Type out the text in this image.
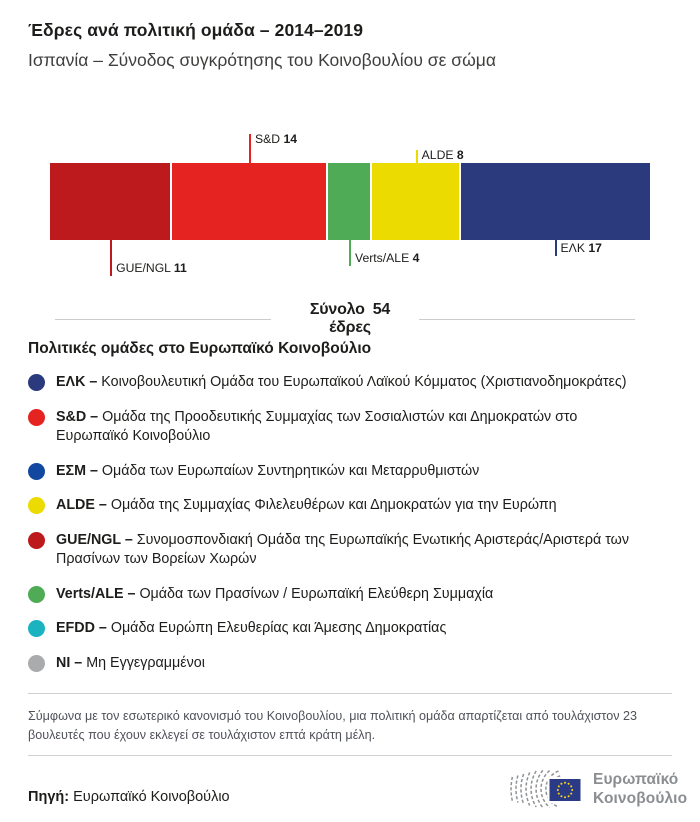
Έδρες ανά πολιτική ομάδα – 2014–2019
Ισπανία – Σύνοδος συγκρότησης του Κοινοβουλίου σε σώμα
GUE/NGL 11
S&D 14
Verts/ALE 4
ALDE 8
ΕΛΚ 17
Σύνολο 54
έδρες
Πολιτικές ομάδες στο Ευρωπαϊκό Κοινοβούλιο
ΕΛΚ – Κοινοβουλευτική Ομάδα του Ευρωπαϊκού Λαϊκού Κόμματος (Χριστιανοδημοκράτες)
S&D – Ομάδα της Προοδευτικής Συμμαχίας των Σοσιαλιστών και Δημοκρατών στο Ευρωπαϊκό Κοινοβούλιο
ΕΣΜ – Ομάδα των Ευρωπαίων Συντηρητικών και Μεταρρυθμιστών
ALDE – Ομάδα της Συμμαχίας Φιλελευθέρων και Δημοκρατών για την Ευρώπη
GUE/NGL – Συνομοσπονδιακή Ομάδα της Ευρωπαϊκής Ενωτικής Αριστεράς/Αριστερά των Πρασίνων των Βορείων Χωρών
Verts/ALE – Ομάδα των Πρασίνων / Ευρωπαϊκή Ελεύθερη Συμμαχία
EFDD – Ομάδα Ευρώπη Ελευθερίας και Άμεσης Δημοκρατίας
NI – Μη Εγγεγραμμένοι
Σύμφωνα με τον εσωτερικό κανονισμό του Κοινοβουλίου, μια πολιτική ομάδα απαρτίζεται από τουλάχιστον 23 βουλευτές που έχουν εκλεγεί σε τουλάχιστον επτά κράτη μέλη.
Πηγή: Ευρωπαϊκό Κοινοβούλιο
Ευρωπαϊκό
Κοινοβούλιο
